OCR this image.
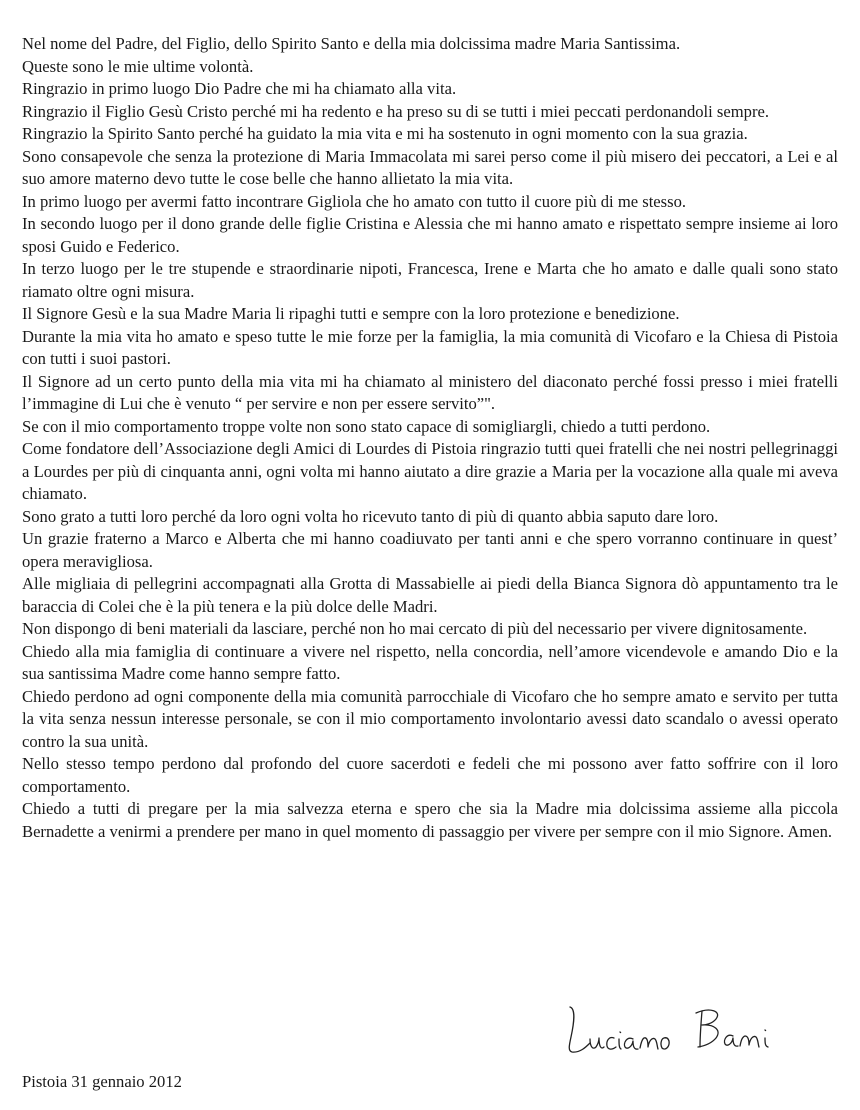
Nel nome del Padre, del Figlio, dello Spirito Santo e della mia dolcissima madre Maria Santissima.

Queste sono le mie ultime volontà.

Ringrazio in primo luogo Dio Padre che mi ha chiamato alla vita.

Ringrazio il Figlio Gesù Cristo perché mi ha redento e ha preso su di se tutti i miei peccati perdonandoli sempre.

Ringrazio la Spirito Santo perché ha guidato la mia vita e mi ha sostenuto in ogni momento con la sua grazia.

Sono consapevole che senza la protezione di Maria Immacolata mi sarei perso come il più misero dei peccatori, a Lei e al suo amore materno devo tutte le cose belle che hanno allietato la mia vita.

In primo luogo per avermi fatto incontrare Gigliola che ho amato con tutto il cuore più di me stesso.

In secondo luogo per il dono grande delle figlie Cristina e Alessia che mi hanno amato e rispettato sempre insieme ai loro sposi Guido e Federico.

In terzo luogo per le tre stupende e straordinarie nipoti, Francesca, Irene e Marta che ho amato e dalle quali sono stato riamato oltre ogni misura.

Il Signore Gesù e la sua Madre Maria li ripaghi tutti e sempre con la loro protezione e benedizione.

Durante la mia vita ho amato e speso tutte le mie forze per la famiglia, la mia comunità di Vicofaro e la Chiesa di Pistoia con tutti i suoi pastori.

Il Signore ad un certo punto della mia vita mi ha chiamato al ministero del diaconato perché fossi presso i miei fratelli l’immagine di Lui che è venuto “ per servire e non per essere servito”".

Se con il mio comportamento troppe volte non sono stato capace di somigliargli, chiedo a tutti perdono.

Come fondatore dell’Associazione degli Amici di Lourdes di Pistoia ringrazio tutti quei fratelli che nei nostri pellegrinaggi a Lourdes per più di cinquanta anni, ogni volta mi hanno aiutato a dire grazie a Maria per la vocazione alla quale mi aveva chiamato.

Sono grato a tutti loro perché da loro ogni volta ho ricevuto tanto di più di quanto abbia saputo dare loro.

Un grazie fraterno a Marco e Alberta che mi hanno coadiuvato per tanti anni e che spero vorranno continuare in quest’ opera meravigliosa.

Alle migliaia di pellegrini accompagnati alla Grotta di Massabielle ai piedi della Bianca Signora dò appuntamento tra le baraccia di Colei che è la più tenera e la più dolce delle Madri.

Non dispongo di beni materiali da lasciare, perché non ho mai cercato di più del necessario per vivere dignitosamente.

Chiedo alla mia famiglia di continuare a vivere nel rispetto, nella concordia, nell’amore vicendevole e amando Dio e la sua santissima Madre come hanno sempre fatto.

Chiedo perdono ad ogni componente della mia comunità parrocchiale di Vicofaro che ho sempre amato e servito per tutta la vita senza nessun interesse personale, se con il mio comportamento involontario avessi dato scandalo o avessi operato contro la sua unità.

Nello stesso tempo perdono dal profondo del cuore sacerdoti e fedeli che mi possono aver fatto soffrire con il loro comportamento.

Chiedo a tutti di pregare per la mia salvezza eterna e spero che sia la Madre mia dolcissima assieme alla piccola Bernadette a venirmi a prendere per mano in quel momento di passaggio per vivere per sempre con il mio Signore. Amen.

Pistoia 31 gennaio 2012
